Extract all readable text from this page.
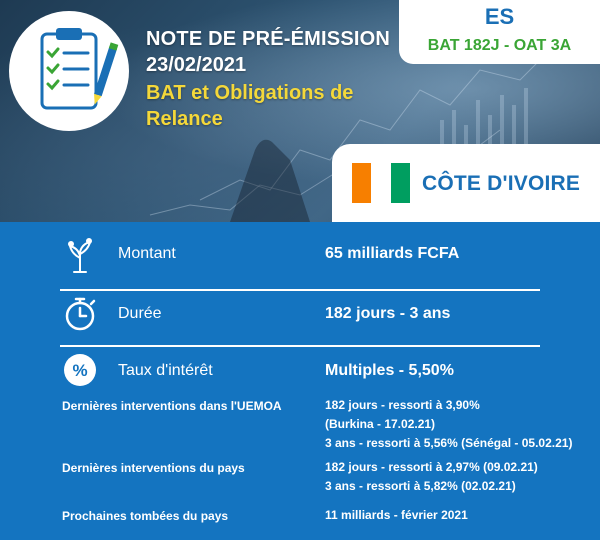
NOTE DE PRÉ-ÉMISSION
23/02/2021
BAT et Obligations de Relance
ES
BAT 182J - OAT 3A
CÔTE D'IVOIRE
Montant	65 milliards FCFA
Durée	182 jours - 3 ans
% Taux d'intérêt	Multiples - 5,50%
Dernières interventions dans l'UEMOA	182 jours - ressorti à 3,90%
(Burkina - 17.02.21)
3 ans - ressorti à 5,56% (Sénégal - 05.02.21)
Dernières interventions du pays	182 jours - ressorti à 2,97% (09.02.21)
3 ans - ressorti à 5,82% (02.02.21)
Prochaines tombées du pays	11 milliards - février 2021
